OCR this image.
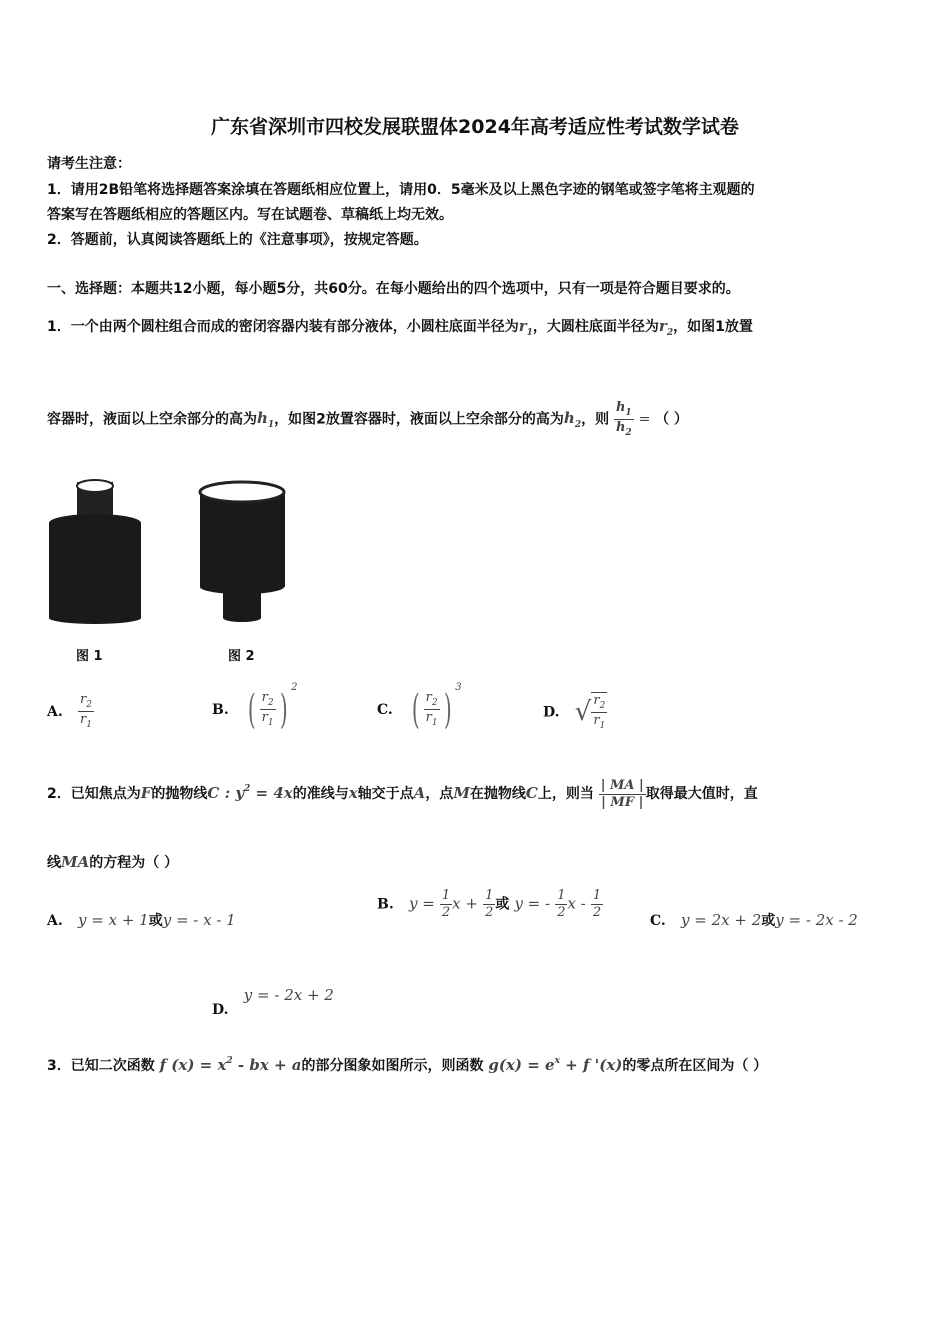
广东省深圳市四校发展联盟体2024年高考适应性考试数学试卷
请考生注意：
1．请用2B铅笔将选择题答案涂填在答题纸相应位置上，请用0．5毫米及以上黑色字迹的钢笔或签字笔将主观题的
答案写在答题纸相应的答题区内。写在试题卷、草稿纸上均无效。
2．答题前，认真阅读答题纸上的《注意事项》，按规定答题。
一、选择题：本题共12小题，每小题5分，共60分。在每小题给出的四个选项中，只有一项是符合题目要求的。
1．一个由两个圆柱组合而成的密闭容器内装有部分液体，小圆柱底面半径为$r_1$，大圆柱底面半径为$r_2$，如图1放置
容器时，液面以上空余部分的高为$h_1$，如图2放置容器时，液面以上空余部分的高为$h_2$，则 $\frac{h_1}{h_2}$ = （ ）
图 1	图 2
A. $\frac{r_2}{r_1}$	B. ( $\frac{r_2}{r_1}$ ) $^2$
C. ( $\frac{r_2}{r_1}$ ) $^3$
D. √ $\frac{r_2}{r_1}$
2．已知焦点为F的抛物线C : $y^2 = 4x$的准线与x轴交于点A，点M在抛物线C上，则当 $\frac{| MA |}{| MF |}$ 取得最大值时，直
线MA的方程为（ ）
A. y = x + 1或y = - x - 1
B. $y = \frac{1}{2}$ $x + \frac{1}{2}$ 或 y = - $\frac{1}{2}$ x - $\frac{1}{2}$
C. y = 2x + 2或y = - 2x - 2
D.   y = - 2x + 2
3．已知二次函数 f $(x) = x^2$ - bx + a的部分图象如图所示，则函数 $g(x) = e^x + f$ '(x)的零点所在区间为（ ）
